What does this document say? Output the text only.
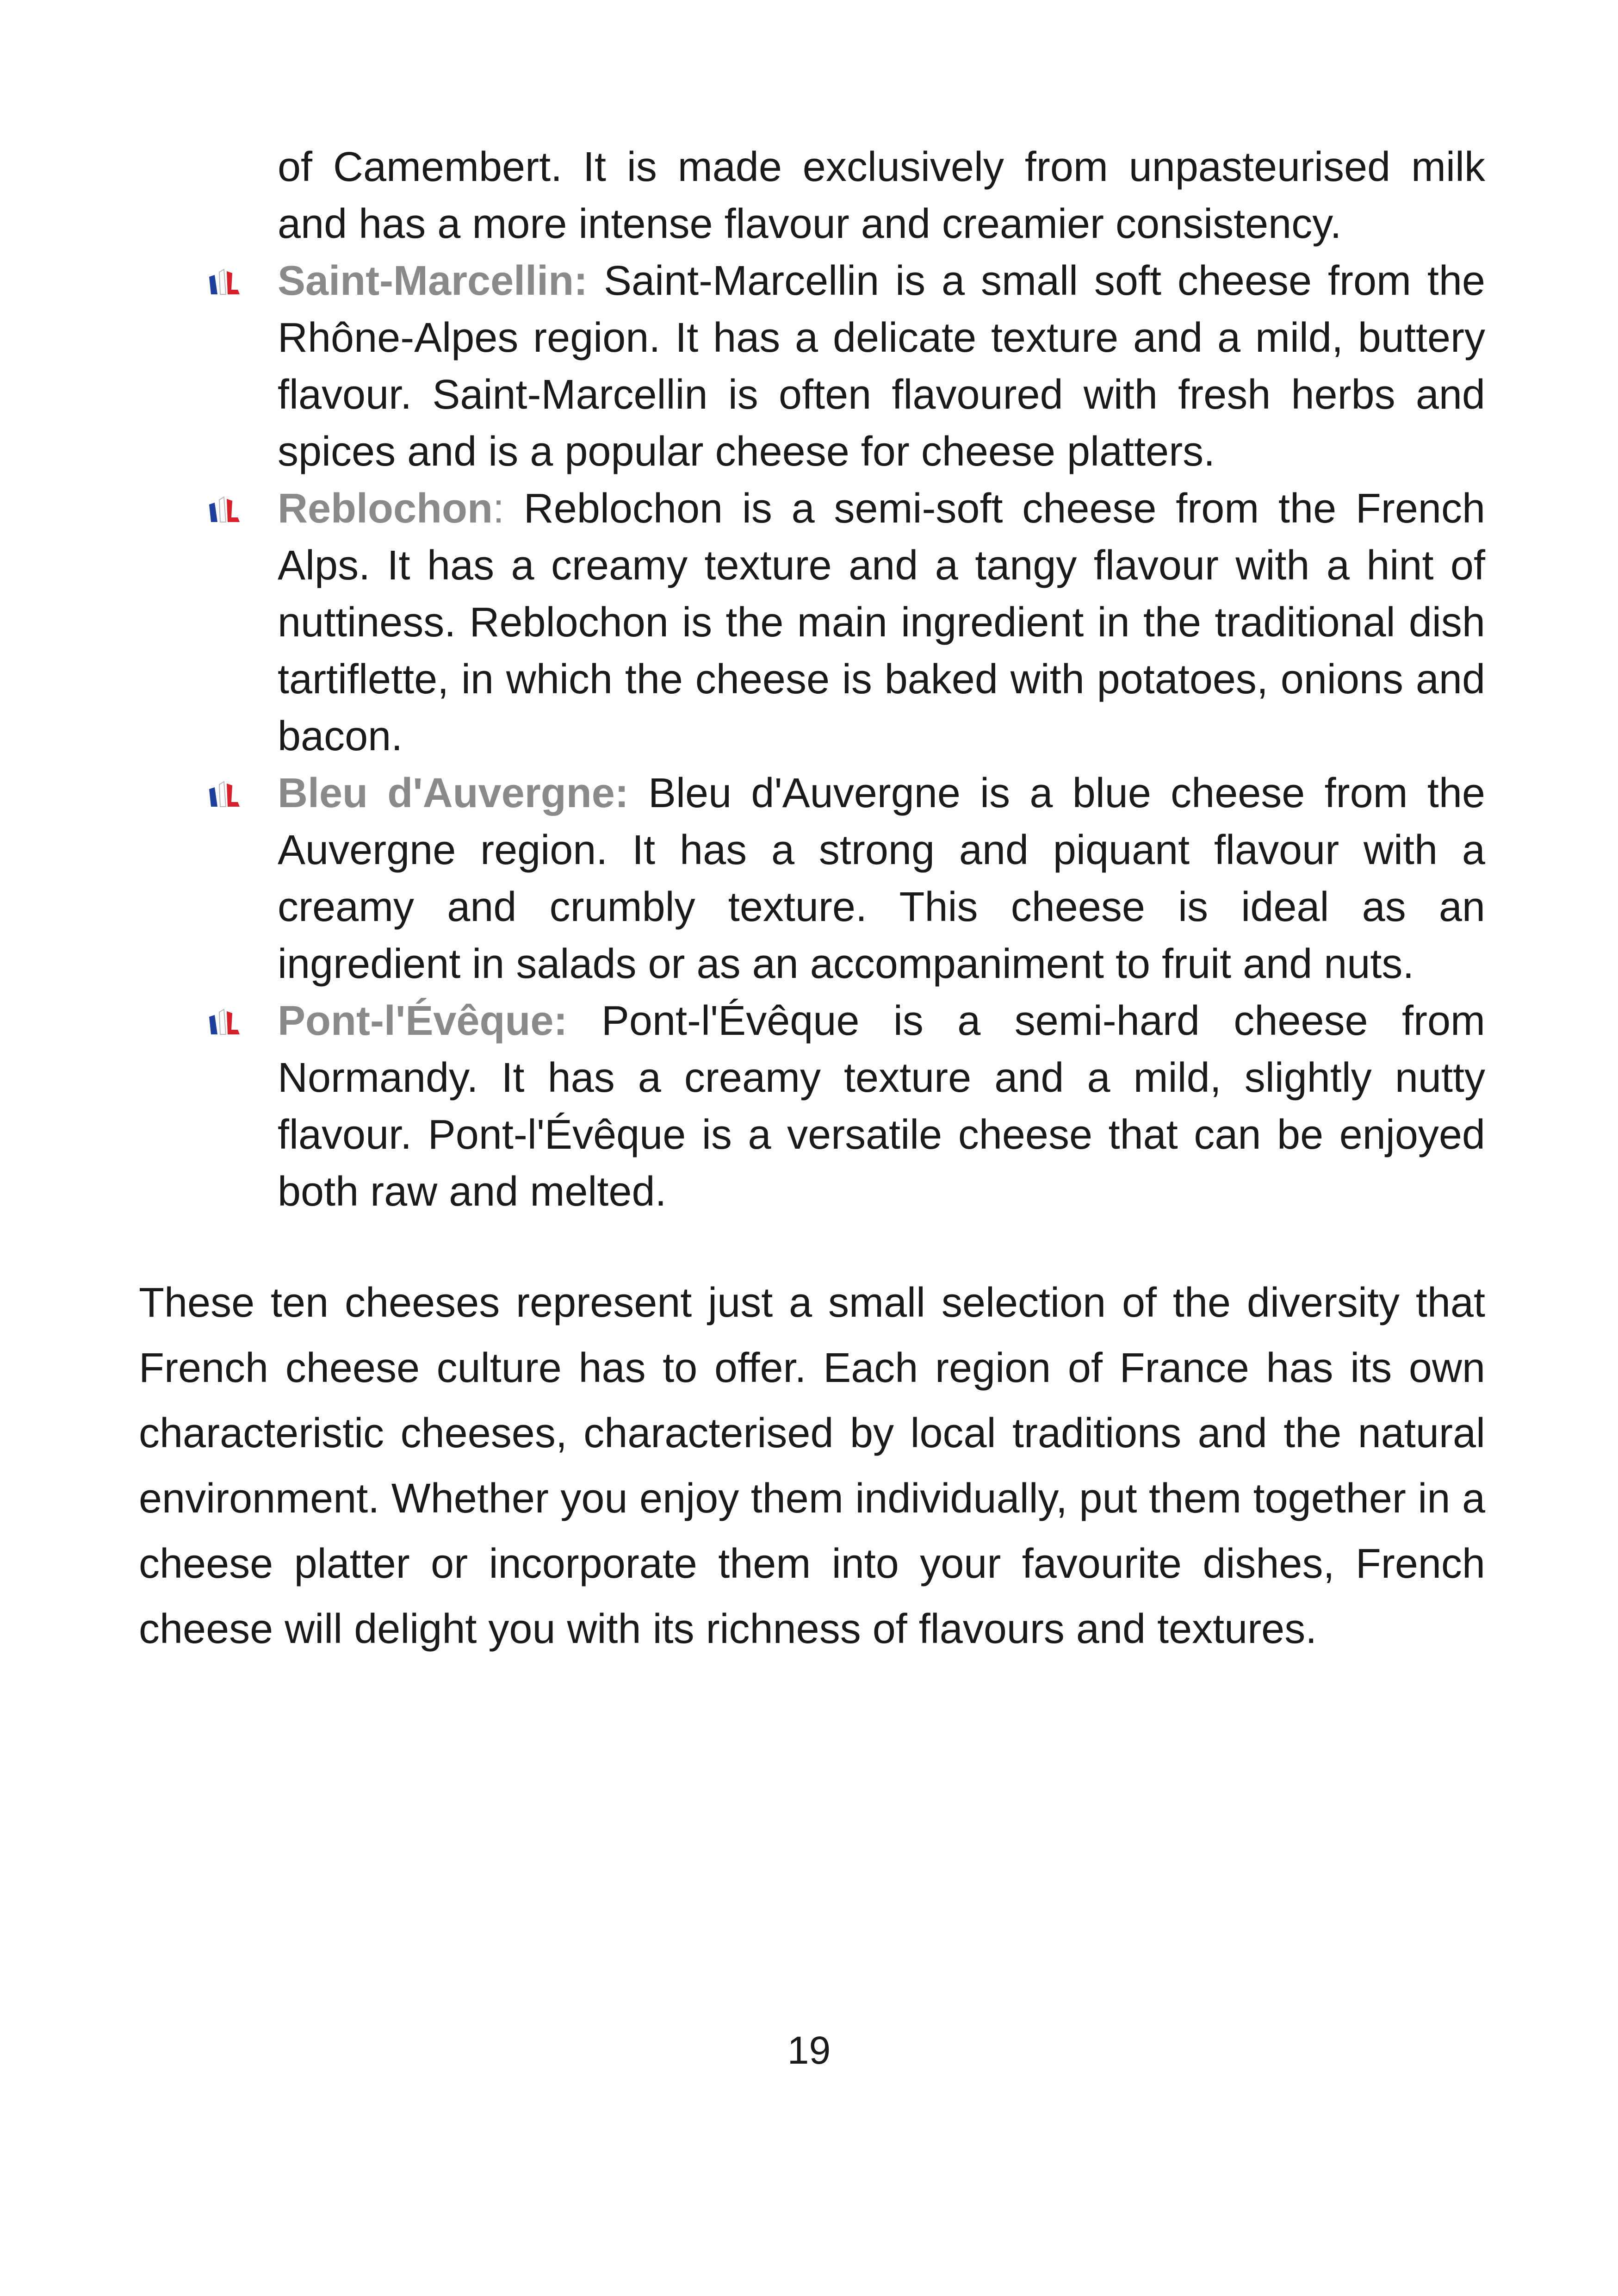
of Camembert. It is made exclusively from unpasteurised milk and has a more intense flavour and creamier consistency.
Saint-Marcellin: Saint-Marcellin is a small soft cheese from the Rhône-Alpes region. It has a delicate texture and a mild, buttery flavour. Saint-Marcellin is often flavoured with fresh herbs and spices and is a popular cheese for cheese platters.
Reblochon: Reblochon is a semi-soft cheese from the French Alps. It has a creamy texture and a tangy flavour with a hint of nuttiness. Reblochon is the main ingredient in the traditional dish tartiflette, in which the cheese is baked with potatoes, onions and bacon.
Bleu d'Auvergne: Bleu d'Auvergne is a blue cheese from the Auvergne region. It has a strong and piquant flavour with a creamy and crumbly texture. This cheese is ideal as an ingredient in salads or as an accompaniment to fruit and nuts.
Pont-l'Évêque: Pont-l'Évêque is a semi-hard cheese from Normandy. It has a creamy texture and a mild, slightly nutty flavour. Pont-l'Évêque is a versatile cheese that can be enjoyed both raw and melted.

These ten cheeses represent just a small selection of the diversity that French cheese culture has to offer. Each region of France has its own characteristic cheeses, characterised by local traditions and the natural environment. Whether you enjoy them individually, put them together in a cheese platter or incorporate them into your favourite dishes, French cheese will delight you with its richness of flavours and textures.

19
